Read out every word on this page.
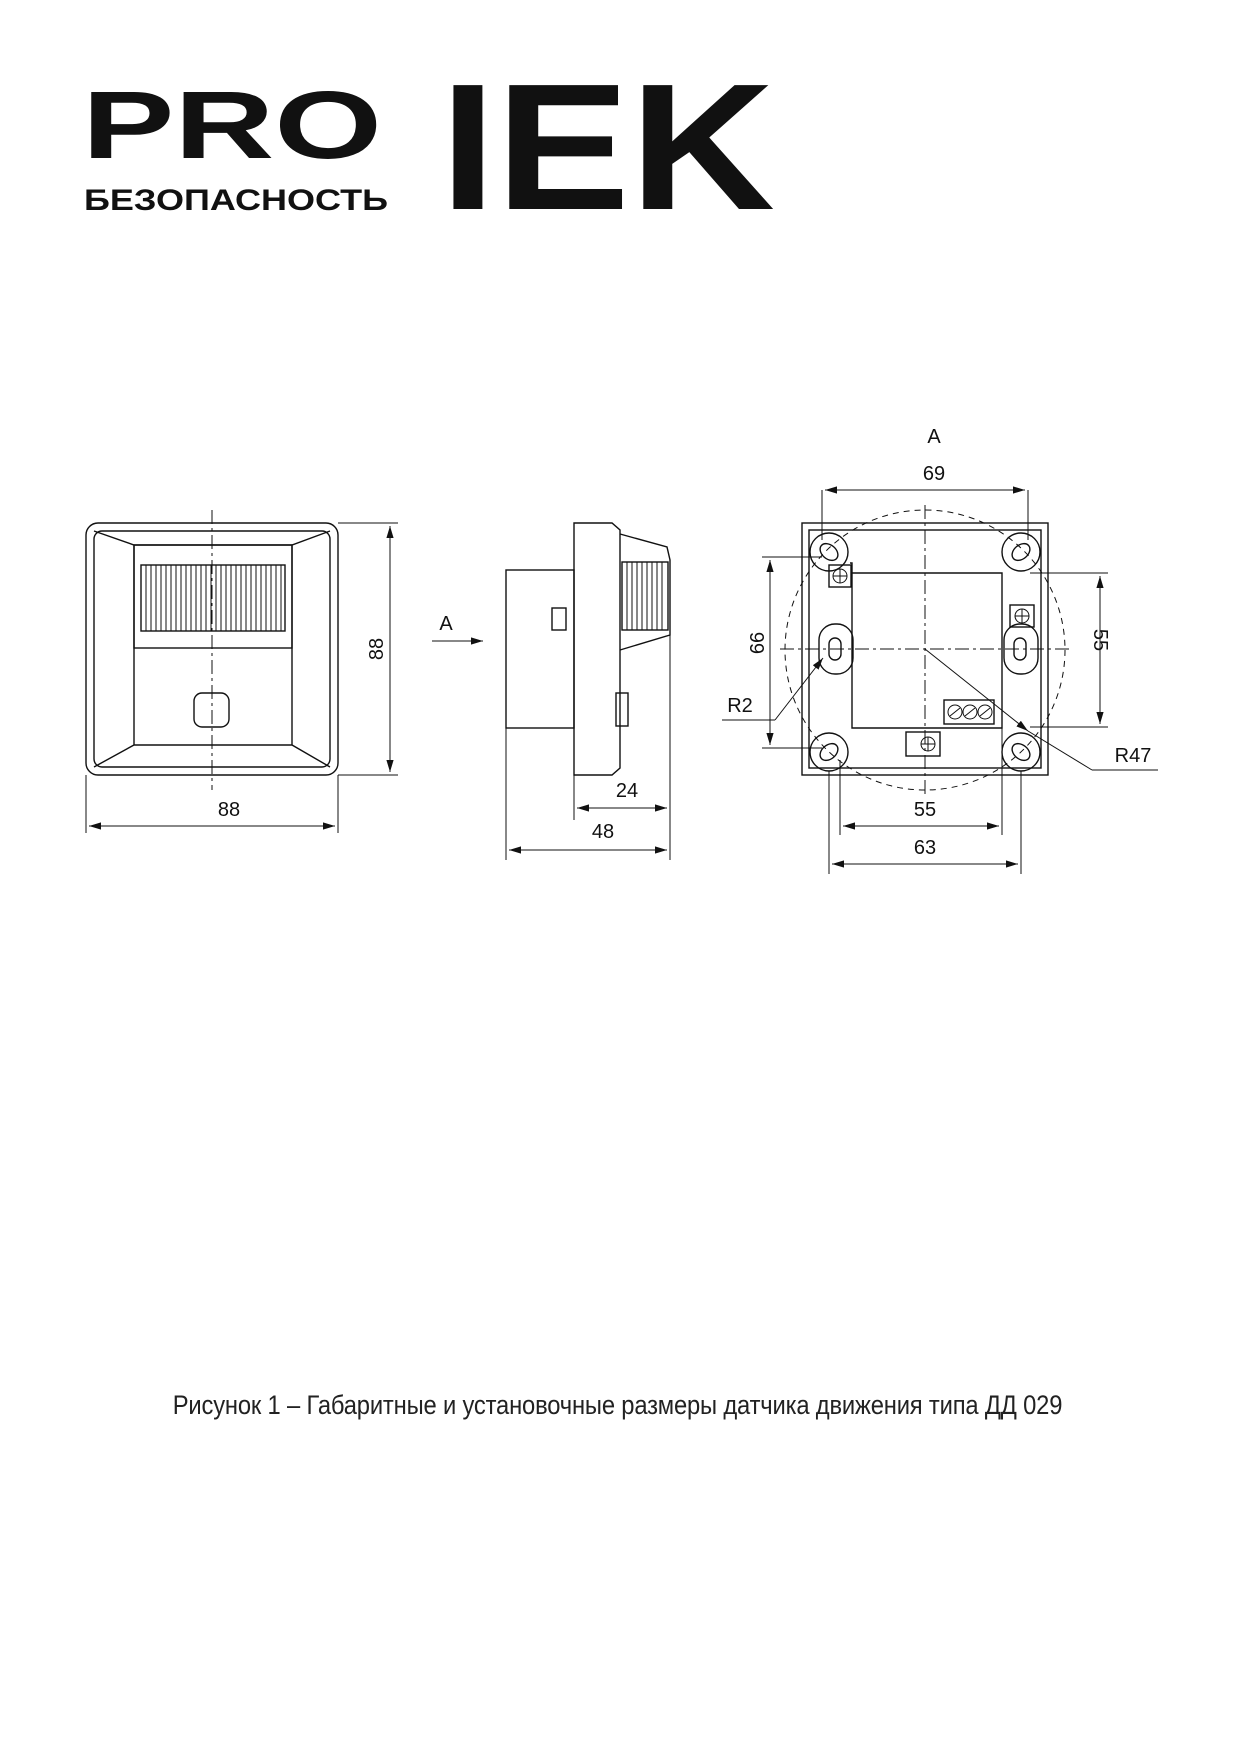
PRO
БЕЗОПАСНОСТЬ IEK
88
88
A
24
48
A
69
66	55
55
63
R2
R47
Рисунок 1 – Габаритные и установочные размеры датчика движения типа ДД 029
